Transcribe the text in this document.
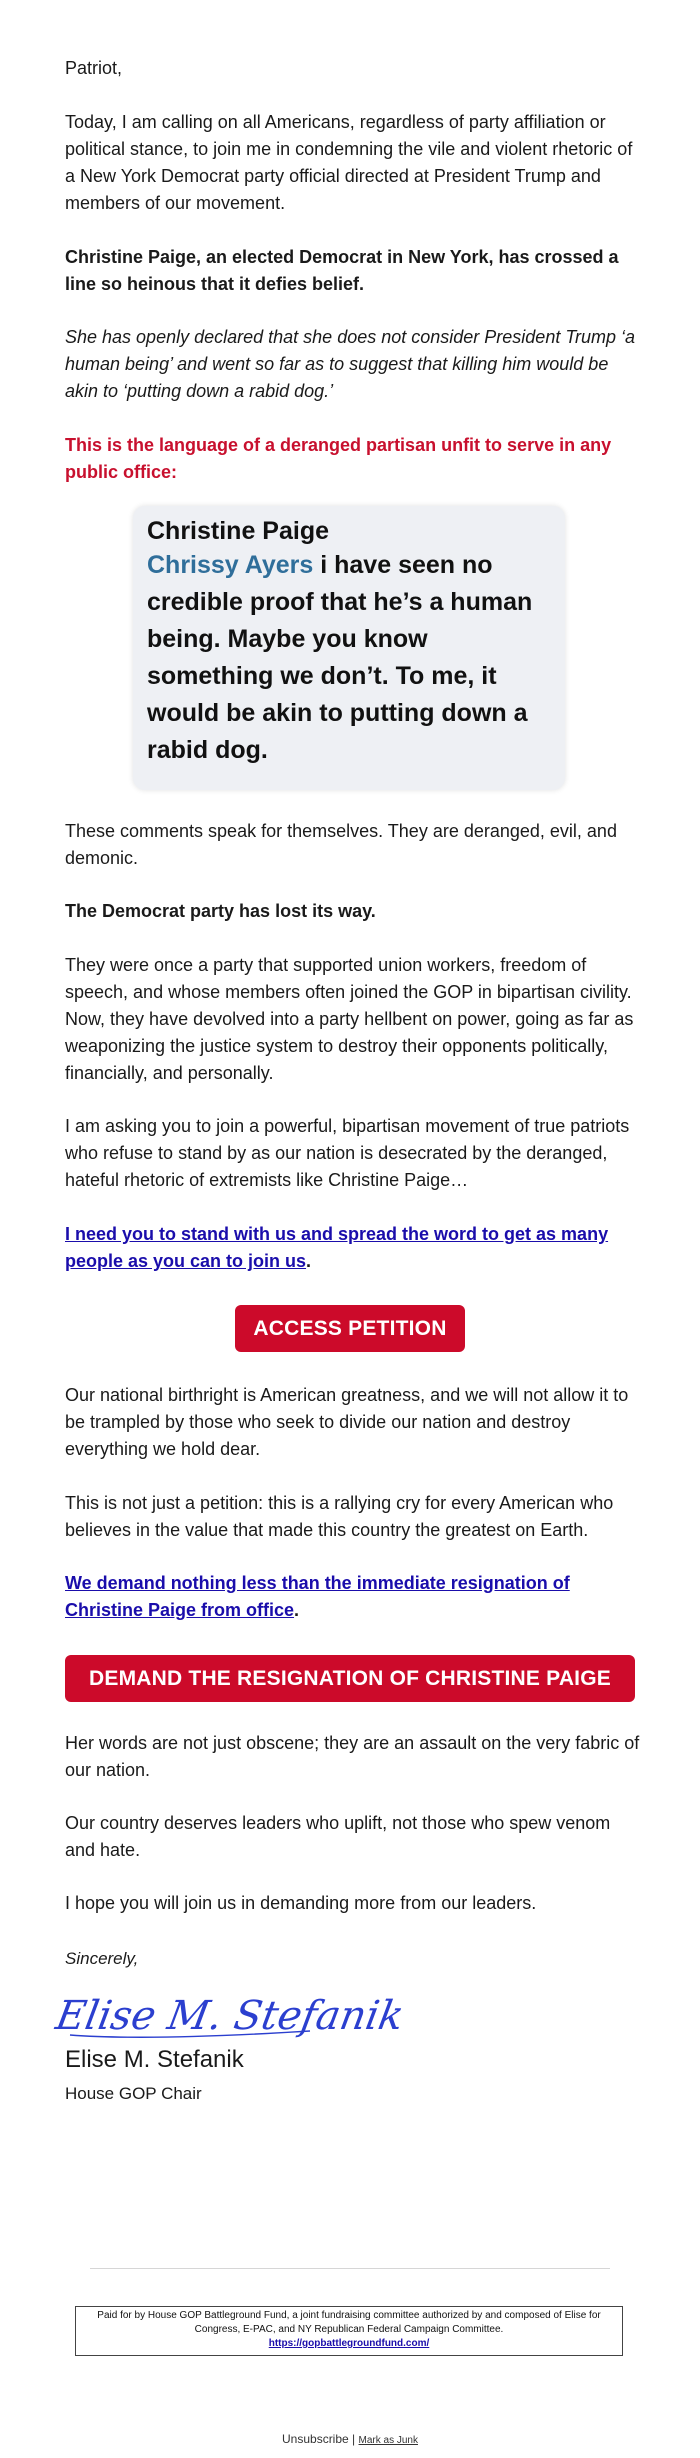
Patriot,

Today, I am calling on all Americans, regardless of party affiliation or political stance, to join me in condemning the vile and violent rhetoric of a New York Democrat party official directed at President Trump and members of our movement.

Christine Paige, an elected Democrat in New York, has crossed a line so heinous that it defies belief.

She has openly declared that she does not consider President Trump ‘a human being’ and went so far as to suggest that killing him would be akin to ‘putting down a rabid dog.’

This is the language of a deranged partisan unfit to serve in any public office:

Christine Paige
Chrissy Ayers i have seen no credible proof that he’s a human being. Maybe you know something we don’t. To me, it would be akin to putting down a rabid dog.

These comments speak for themselves. They are deranged, evil, and demonic.

The Democrat party has lost its way.

They were once a party that supported union workers, freedom of speech, and whose members often joined the GOP in bipartisan civility. Now, they have devolved into a party hellbent on power, going as far as weaponizing the justice system to destroy their opponents politically, financially, and personally.

I am asking you to join a powerful, bipartisan movement of true patriots who refuse to stand by as our nation is desecrated by the deranged, hateful rhetoric of extremists like Christine Paige…

I need you to stand with us and spread the word to get as many people as you can to join us.

ACCESS PETITION

Our national birthright is American greatness, and we will not allow it to be trampled by those who seek to divide our nation and destroy everything we hold dear.

This is not just a petition: this is a rallying cry for every American who believes in the value that made this country the greatest on Earth.

We demand nothing less than the immediate resignation of Christine Paige from office.

DEMAND THE RESIGNATION OF CHRISTINE PAIGE

Her words are not just obscene; they are an assault on the very fabric of our nation.

Our country deserves leaders who uplift, not those who spew venom and hate.

I hope you will join us in demanding more from our leaders.

Sincerely,

Elise M. Stefanik

Elise M. Stefanik

House GOP Chair

Paid for by House GOP Battleground Fund, a joint fundraising committee authorized by and composed of Elise for Congress, E-PAC, and NY Republican Federal Campaign Committee.
https://gopbattlegroundfund.com/
Unsubscribe | Mark as Junk
